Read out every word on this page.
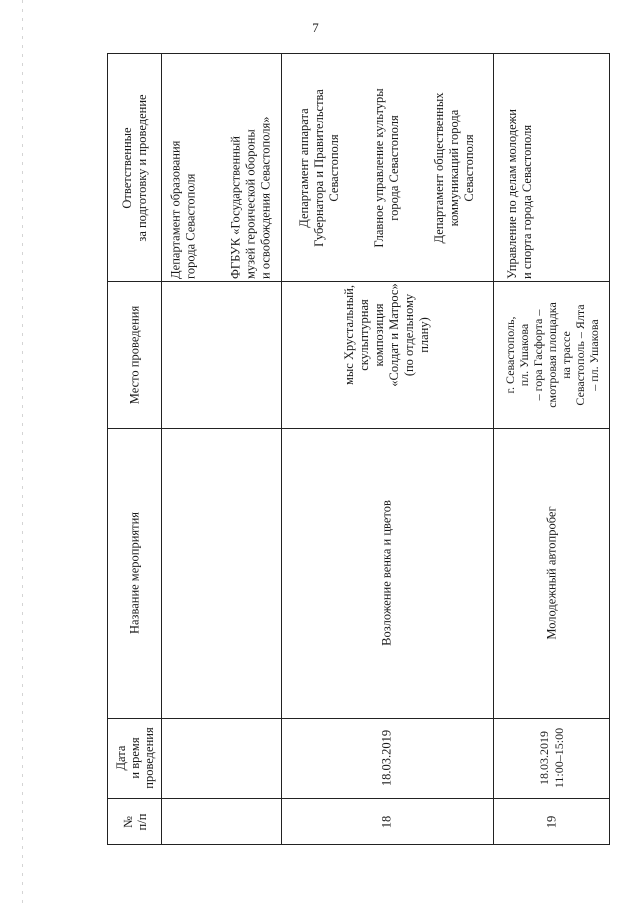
7
Ответственные
за подготовку и проведение
Место проведения
Название мероприятия
Дата
и время
проведения
№
п/п

Департамент образования
города Севастополя

ФГБУК «Государственный
музей героической обороны
и освобождения Севастополя»

Департамент аппарата
Губернатора и Правительства
Севастополя

Главное управление культуры
города Севастополя

Департамент общественных
коммуникаций города
Севастополя

мыс Хрустальный,
скульптурная
композиция
«Солдат и Матрос»
(по отдельному
плану)
Возложение венка и цветов
18.03.2019
18

Управление по делам молодежи
и спорта города Севастополя

г. Севастополь,
пл. Ушакова
– гора Гасфорта –
смотровая площадка
на трассе
Севастополь – Ялта
– пл. Ушакова
Молодежный автопробег
18.03.2019
11:00–15:00
19
